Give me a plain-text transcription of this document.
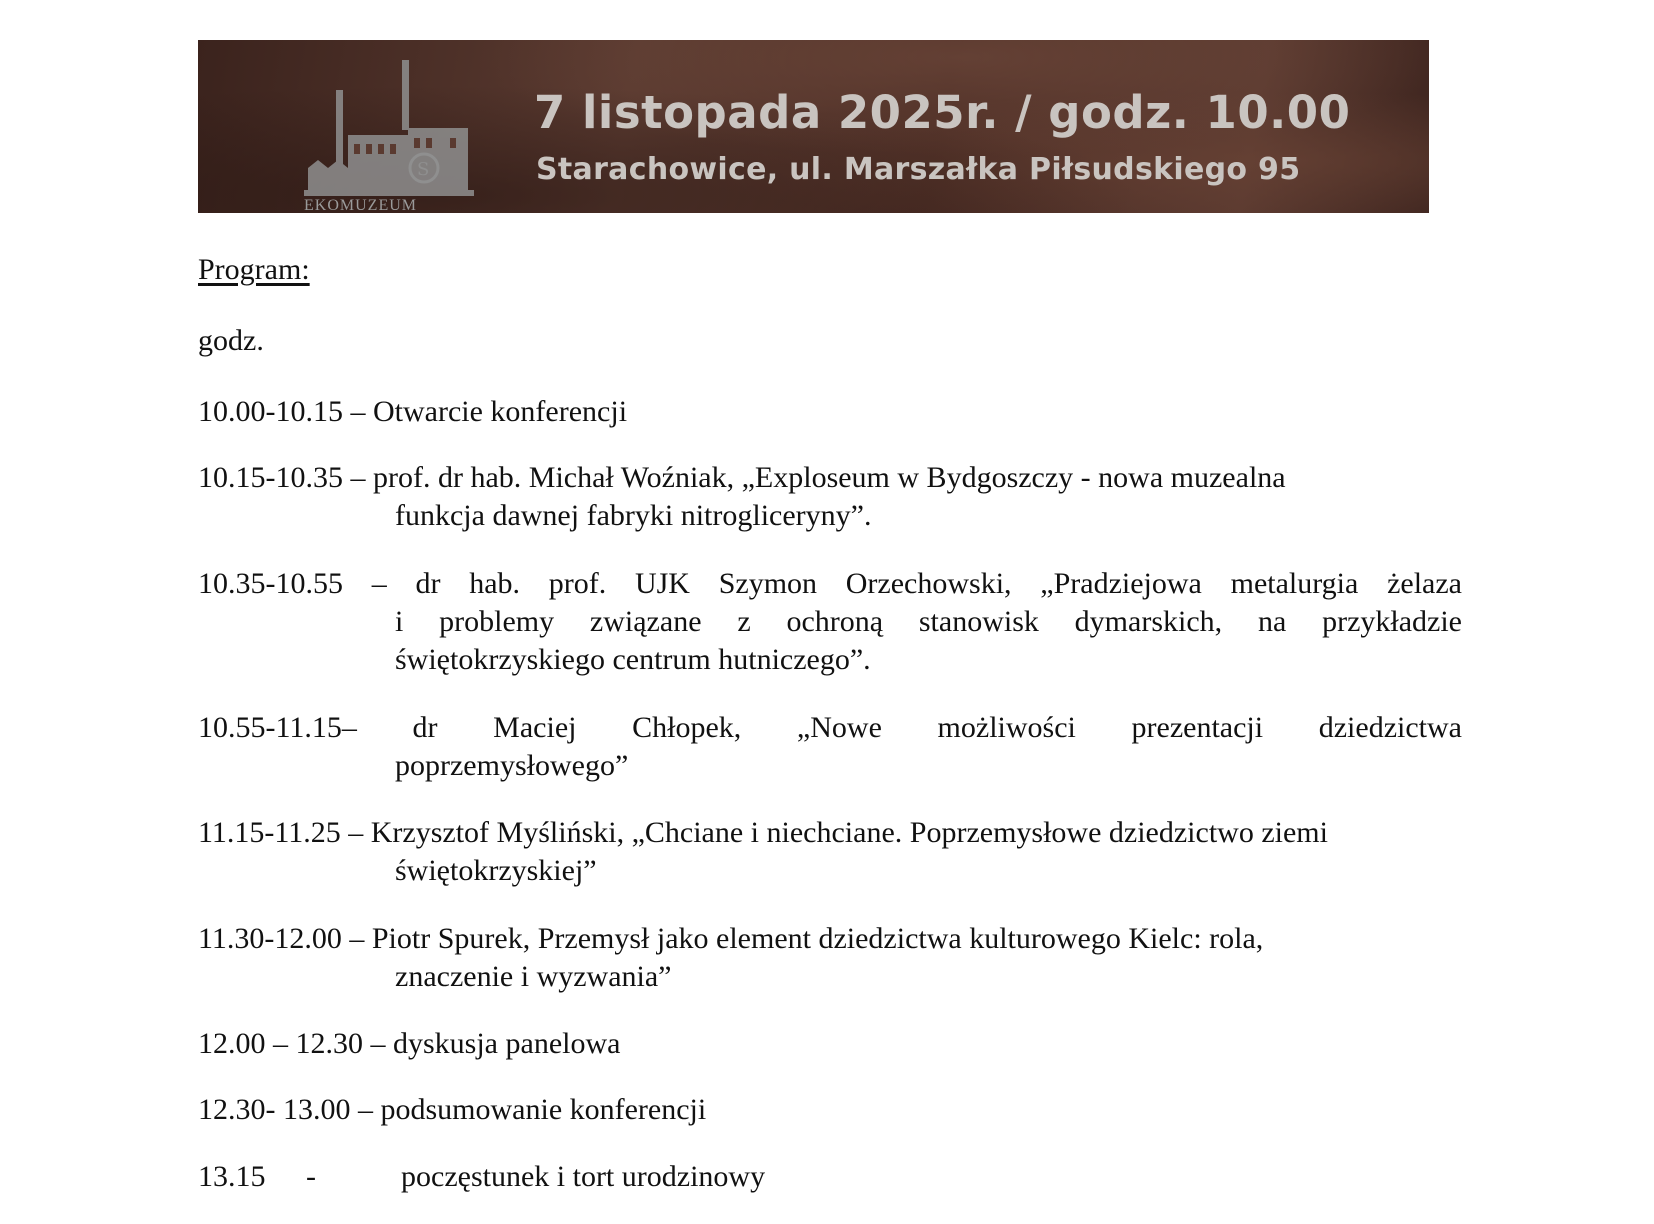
S
EKOMUZEUM
7 listopada 2025r. / godz. 10.00
Starachowice, ul. Marszałka Piłsudskiego 95
Program:
godz.
10.00-10.15 – Otwarcie konferencji
10.15-10.35 – prof. dr hab. Michał Woźniak, „Exploseum w Bydgoszczy - nowa muzealna
funkcja dawnej fabryki nitrogliceryny”.
10.35-10.55 – dr hab. prof. UJK Szymon Orzechowski, „Pradziejowa metalurgia żelaza
i problemy związane z ochroną stanowisk dymarskich, na przykładzie
świętokrzyskiego centrum hutniczego”.
10.55-11.15– dr Maciej Chłopek, „Nowe możliwości prezentacji dziedzictwa
poprzemysłowego”
11.15-11.25 – Krzysztof Myśliński, „Chciane i niechciane. Poprzemysłowe dziedzictwo ziemi
świętokrzyskiej”
11.30-12.00 – Piotr Spurek, Przemysł jako element dziedzictwa kulturowego Kielc: rola,
znaczenie i wyzwania”
12.00 – 12.30 – dyskusja panelowa
12.30- 13.00 – podsumowanie konferencji
13.15 -	poczęstunek i tort urodzinowy
